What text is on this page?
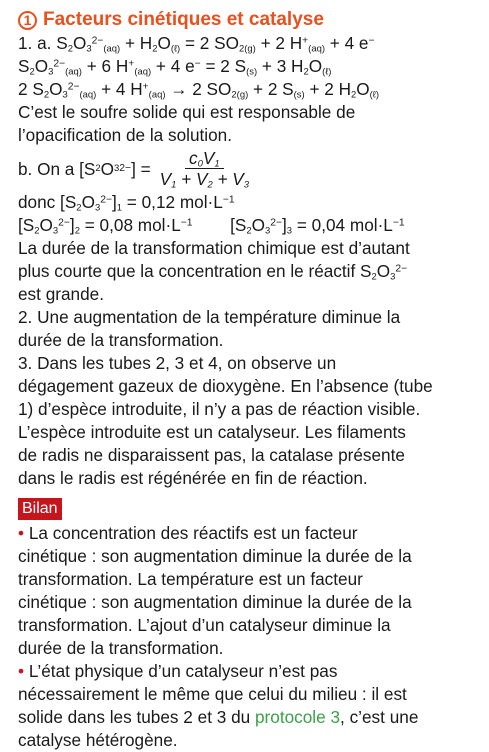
1 Facteurs cinétiques et catalyse
1. a. $S_2O_3^{2-}_{(aq)} + H_2O_{(\ell)} = 2$ $SO_{2(g)} + 2$ $H^+_{(aq)} + 4$ e−
$S_2O_3^{2-}_{(aq)} + 6$ $H^+_{(aq)} + 4$ e− = 2 $S_{(s)} + 3$ $H_2O_{(\ell)}$
2 $S_2O_3^{2-}_{(aq)} + 4$ $H^+_{(aq)} \to 2$ $SO_{2(g)} + 2$ $S_{(s)} + 2$ $H_2O_{(\ell)}$
C’est le soufre solide qui est responsable de
l’opacification de la solution.
b. On a [S 2 O 3 2− ] = $\frac{c_0V_1}{V_1 + V_2 + V_3}$
donc $[S_2O_3^{2-}]_1 = 0,12$ $mol\cdot L^{-1}$
$[S_2O_3^{2-}]_2 = 0,08$ $mol\cdot L^{-1}$  $[S_2O_3^{2-}]_3 = 0,04$ $mol\cdot L^{-1}$
La durée de la transformation chimique est d’autant
plus courte que la concentration en le réactif $S_2O_3^{2-}$
est grande.
2. Une augmentation de la température diminue la
durée de la transformation.
3. Dans les tubes 2, 3 et 4, on observe un
dégagement gazeux de dioxygène. En l’absence (tube
1) d’espèce introduite, il n’y a pas de réaction visible.
L’espèce introduite est un catalyseur. Les filaments
de radis ne disparaissent pas, la catalase présente
dans le radis est régénérée en fin de réaction.
Bilan
• La concentration des réactifs est un facteur
cinétique : son augmentation diminue la durée de la
transformation. La température est un facteur
cinétique : son augmentation diminue la durée de la
transformation. L’ajout d’un catalyseur diminue la
durée de la transformation.
• L’état physique d’un catalyseur n’est pas
nécessairement le même que celui du milieu : il est
solide dans les tubes 2 et 3 du protocole 3, c’est une
catalyse hétérogène.
